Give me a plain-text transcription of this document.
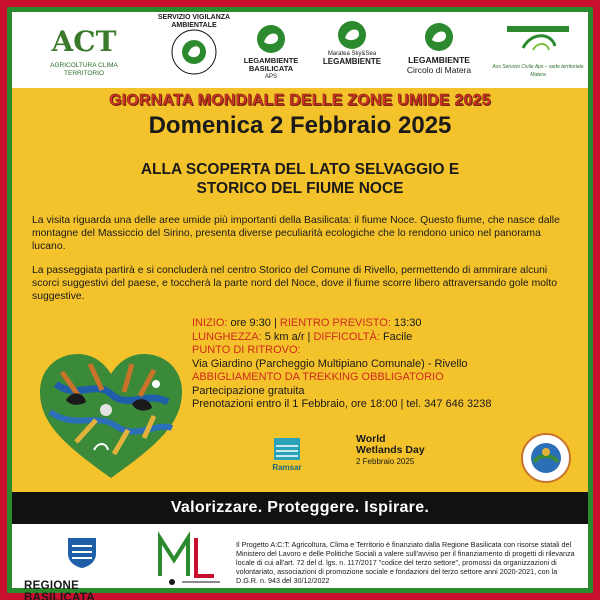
ACT
AGRICOLTURA CLIMA TERRITORIO
SERVIZIO VIGILANZA AMBIENTALE
LEGAMBIENTE BASILICATA
APS
Maratea Sky&Sea
LEGAMBIENTE	LEGAMBIENTE
Circolo di Matera	Ass Servizio Civile Aps – sede territoriale Matera
GIORNATA MONDIALE DELLE ZONE UMIDE 2025
Domenica 2 Febbraio 2025
ALLA SCOPERTA DEL LATO SELVAGGIO E
STORICO DEL FIUME NOCE
La visita riguarda una delle aree umide più importanti della Basilicata: il fiume Noce. Questo fiume, che nasce dalle montagne del Massiccio del Sirino, presenta diverse peculiarità ecologiche che lo rendono unico nel panorama lucano.
La passeggiata partirà e si concluderà nel centro Storico del Comune di Rivello, permettendo di ammirare alcuni scorci suggestivi del paese, e toccherà la parte nord del Noce, dove il fiume scorre libero attraversando gole molto suggestive.
INIZIO: ore 9:30 | RIENTRO PREVISTO: 13:30
LUNGHEZZA: 5 km a/r | DIFFICOLTÀ: Facile
PUNTO DI RITROVO:
Via Giardino (Parcheggio Multipiano Comunale) - Rivello
ABBIGLIAMENTO DA TREKKING OBBLIGATORIO
Partecipazione gratuita
Prenotazioni entro il 1 Febbraio, ore 18:00 | tel. 347 646 3238
Ramsar
World
Wetlands Day
2 Febbraio 2025
Valorizzare. Proteggere. Ispirare.
REGIONE BASILICATA
Il Progetto A:C:T: Agricoltura, Clima e Territorio è finanziato dalla Regione Basilicata con risorse statali del Ministero del Lavoro e delle Politiche Sociali a valere sull'avviso per il finanziamento di progetti di rilevanza locale di cui all'art. 72 del d. lgs. n. 117/2017 "codice del terzo settore", promossi da organizzazioni di volontariato, associazioni di promozione sociale e fondazioni del terzo settore anni 2020-2021, con la D.G.R. n. 943 del 30/12/2022
